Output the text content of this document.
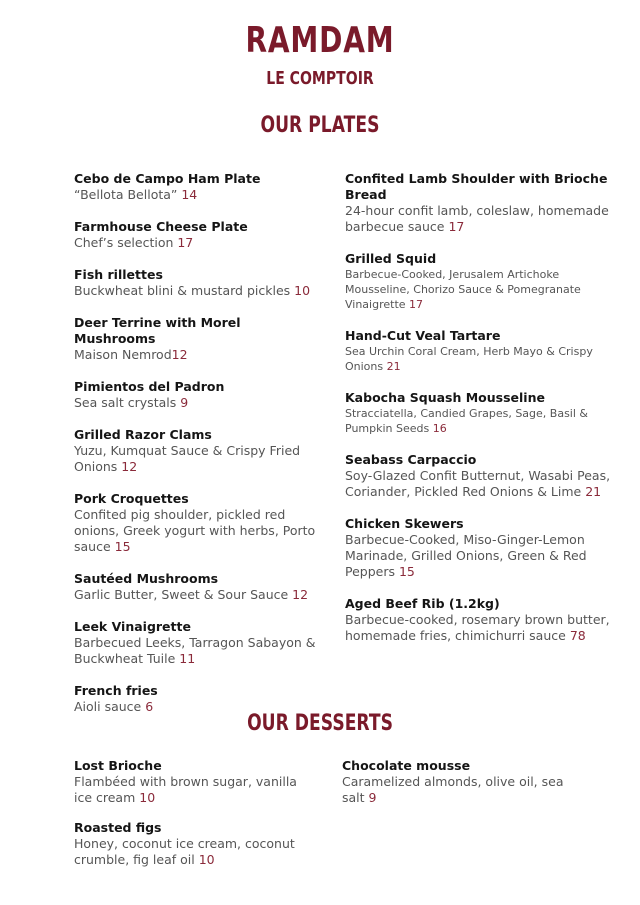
RAMDAM
LE COMPTOIR
OUR PLATES
Cebo de Campo Ham Plate
“Bellota Bellota” 14
Farmhouse Cheese Plate
Chef’s selection 17
Fish rillettes
Buckwheat blini & mustard pickles 10
Deer Terrine with Morel Mushrooms
Maison Nemrod12
Pimientos del Padron
Sea salt crystals 9
Grilled Razor Clams
Yuzu, Kumquat Sauce & Crispy Fried Onions 12
Pork Croquettes
Confited pig shoulder, pickled red onions, Greek yogurt with herbs, Porto sauce 15
Sautéed Mushrooms
Garlic Butter, Sweet & Sour Sauce 12
Leek Vinaigrette
Barbecued Leeks, Tarragon Sabayon & Buckwheat Tuile 11
French fries
Aioli sauce 6
Confited Lamb Shoulder with Brioche Bread
24-hour confit lamb, coleslaw, homemade barbecue sauce 17
Grilled Squid
Barbecue-Cooked, Jerusalem Artichoke Mousseline, Chorizo Sauce & Pomegranate Vinaigrette 17
Hand-Cut Veal Tartare
Sea Urchin Coral Cream, Herb Mayo & Crispy Onions 21
Kabocha Squash Mousseline
Stracciatella, Candied Grapes, Sage, Basil & Pumpkin Seeds 16
Seabass Carpaccio
Soy-Glazed Confit Butternut, Wasabi Peas, Coriander, Pickled Red Onions & Lime 21
Chicken Skewers
Barbecue-Cooked, Miso-Ginger-Lemon Marinade, Grilled Onions, Green & Red Peppers 15
Aged Beef Rib (1.2kg)
Barbecue-cooked, rosemary brown butter, homemade fries, chimichurri sauce 78
OUR DESSERTS
Lost Brioche
Flambéed with brown sugar, vanilla ice cream 10
Roasted figs
Honey, coconut ice cream, coconut crumble, fig leaf oil 10
Chocolate mousse
Caramelized almonds, olive oil, sea salt 9
